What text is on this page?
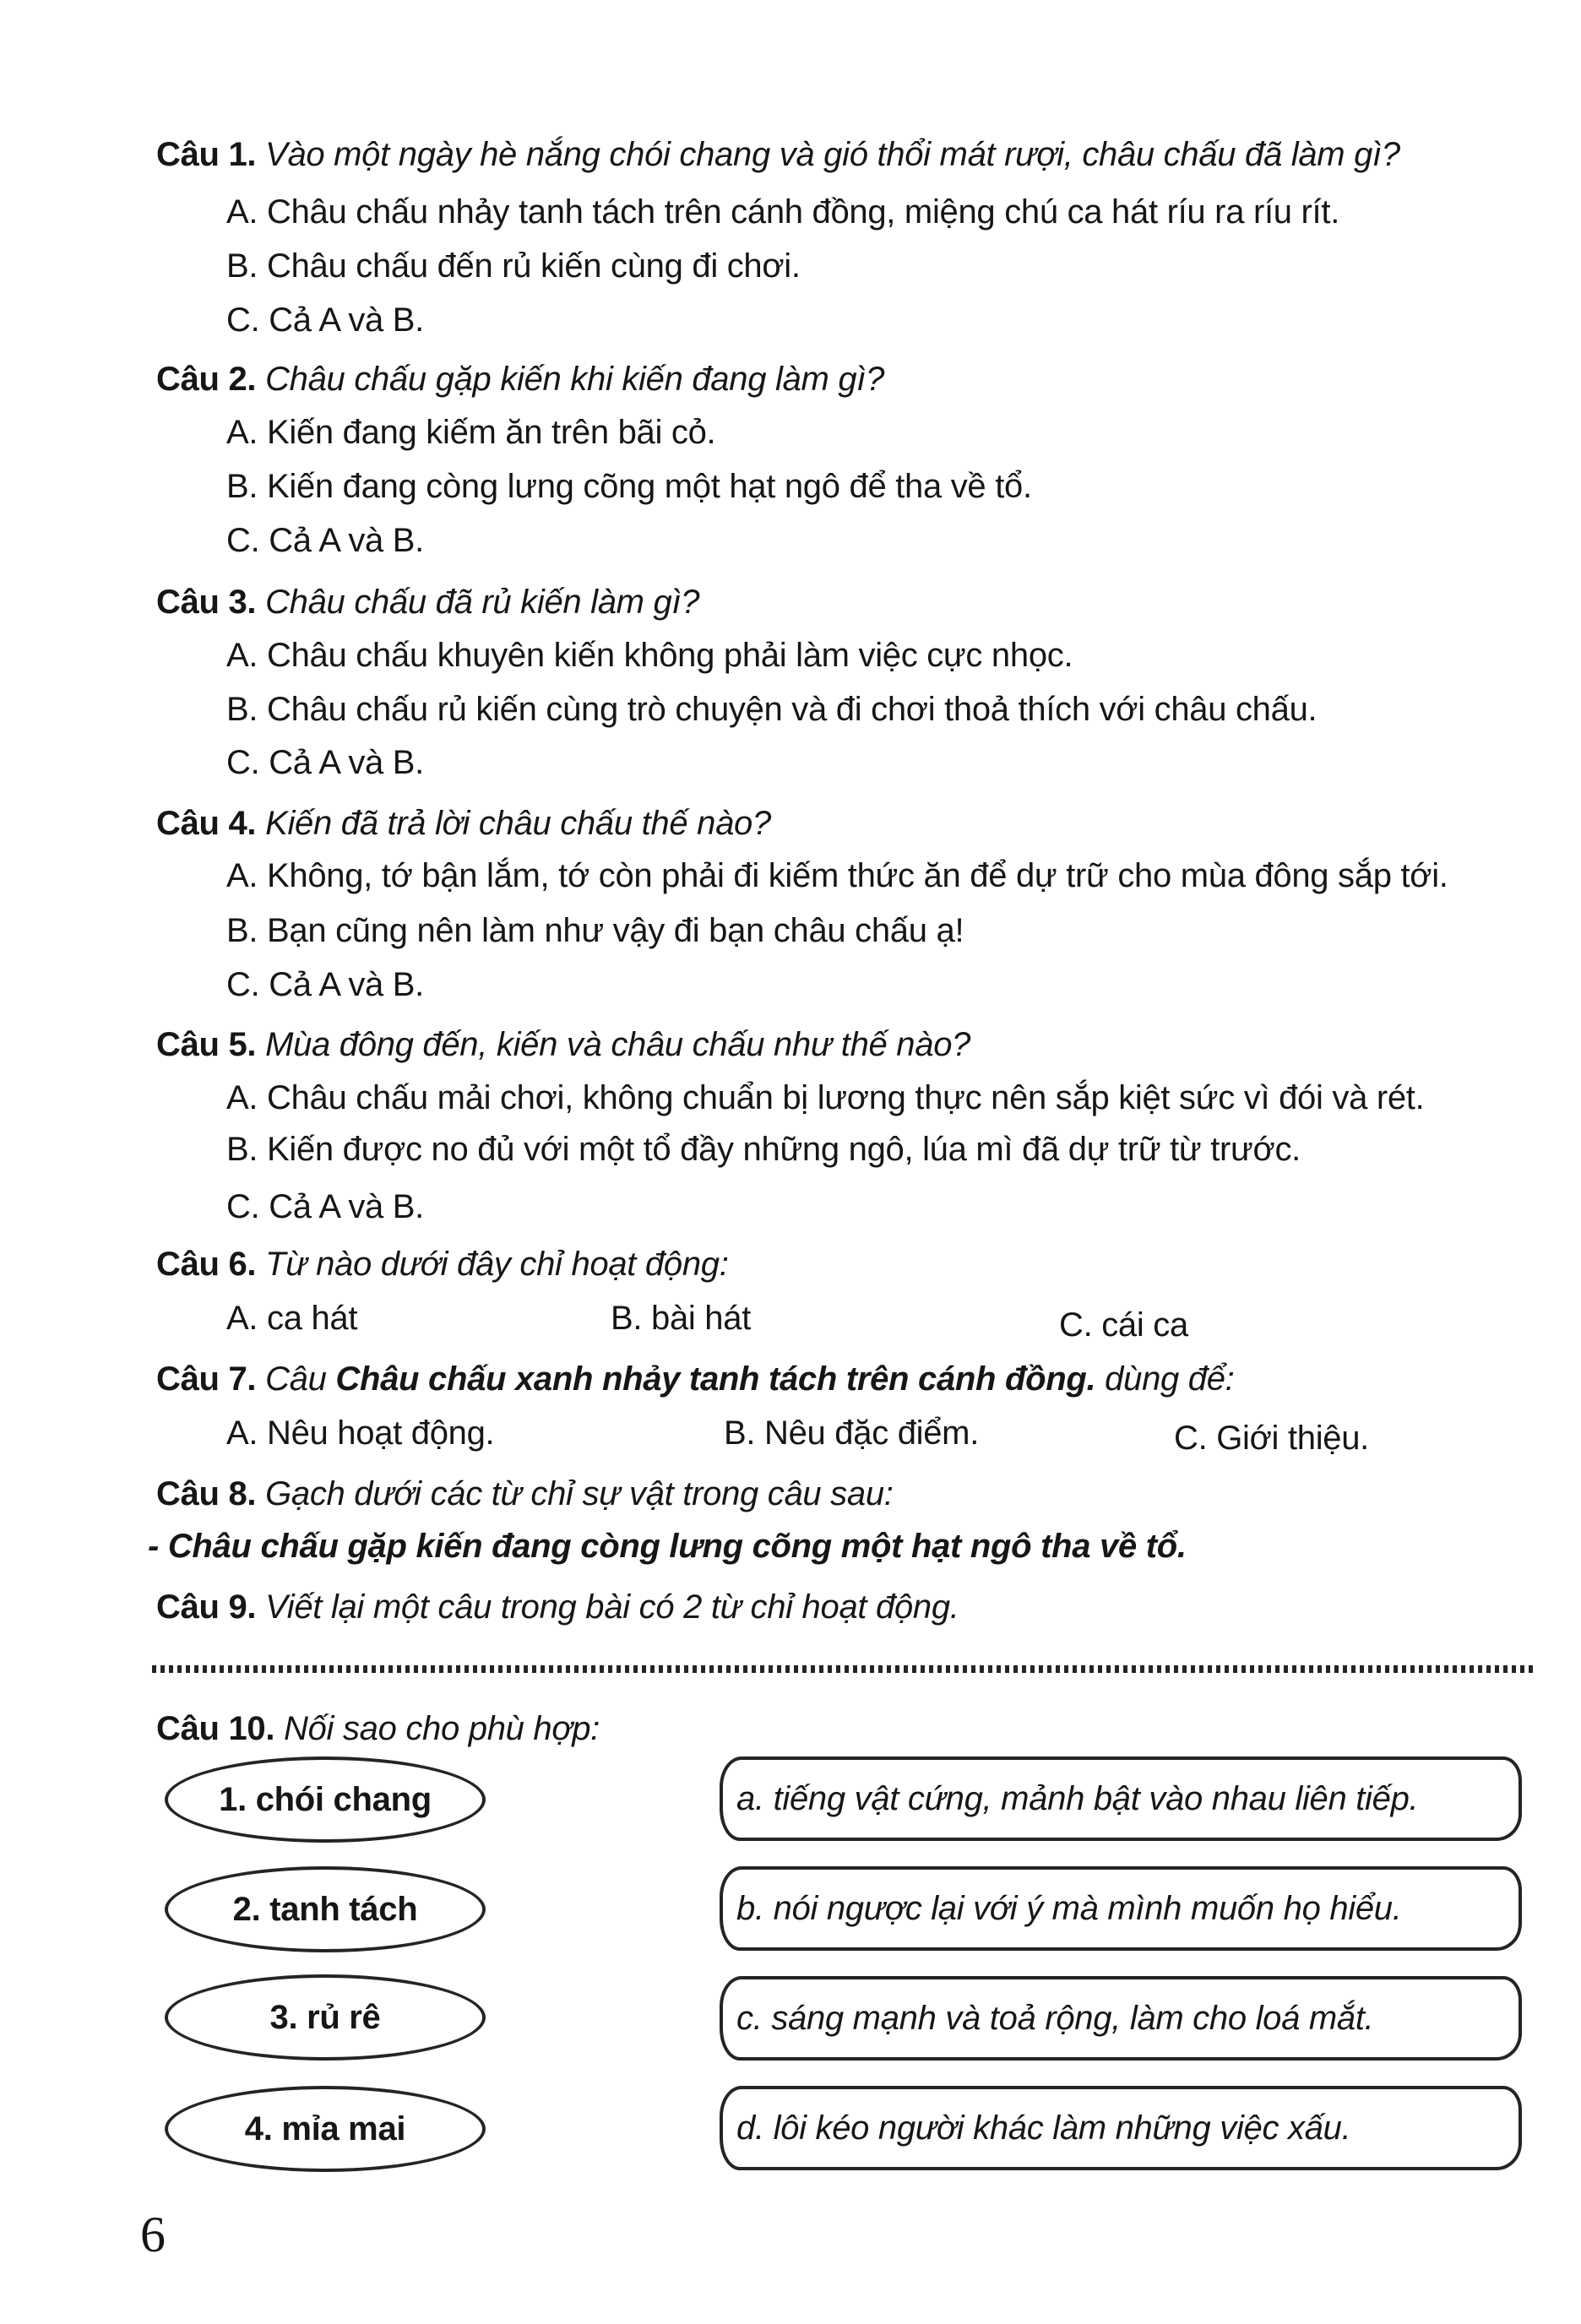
Câu 1. Vào một ngày hè nắng chói chang và gió thổi mát rượi, châu chấu đã làm gì?
A. Châu chấu nhảy tanh tách trên cánh đồng, miệng chú ca hát ríu ra ríu rít.
B. Châu chấu đến rủ kiến cùng đi chơi.
C. Cả A và B.
Câu 2. Châu chấu gặp kiến khi kiến đang làm gì?
A. Kiến đang kiếm ăn trên bãi cỏ.
B. Kiến đang còng lưng cõng một hạt ngô để tha về tổ.
C. Cả A và B.
Câu 3. Châu chấu đã rủ kiến làm gì?
A. Châu chấu khuyên kiến không phải làm việc cực nhọc.
B. Châu chấu rủ kiến cùng trò chuyện và đi chơi thoả thích với châu chấu.
C. Cả A và B.
Câu 4. Kiến đã trả lời châu chấu thế nào?
A. Không, tớ bận lắm, tớ còn phải đi kiếm thức ăn để dự trữ cho mùa đông sắp tới.
B. Bạn cũng nên làm như vậy đi bạn châu chấu ạ!
C. Cả A và B.
Câu 5. Mùa đông đến, kiến và châu chấu như thế nào?
A. Châu chấu mải chơi, không chuẩn bị lương thực nên sắp kiệt sức vì đói và rét.
B. Kiến được no đủ với một tổ đầy những ngô, lúa mì đã dự trữ từ trước.
C. Cả A và B.
Câu 6. Từ nào dưới đây chỉ hoạt động:
A. ca hát	B. bài hát	C. cái ca
Câu 7. Câu Châu chấu xanh nhảy tanh tách trên cánh đồng. dùng để:
A. Nêu hoạt động.	B. Nêu đặc điểm.	C. Giới thiệu.
Câu 8. Gạch dưới các từ chỉ sự vật trong câu sau:
- Châu chấu gặp kiến đang còng lưng cõng một hạt ngô tha về tổ.
Câu 9. Viết lại một câu trong bài có 2 từ chỉ hoạt động.
Câu 10. Nối sao cho phù hợp:
1. chói chang
2. tanh tách
3. rủ rê
4. mỉa mai
a. tiếng vật cứng, mảnh bật vào nhau liên tiếp.
b. nói ngược lại với ý mà mình muốn họ hiểu.
c. sáng mạnh và toả rộng, làm cho loá mắt.
d. lôi kéo người khác làm những việc xấu.
6
